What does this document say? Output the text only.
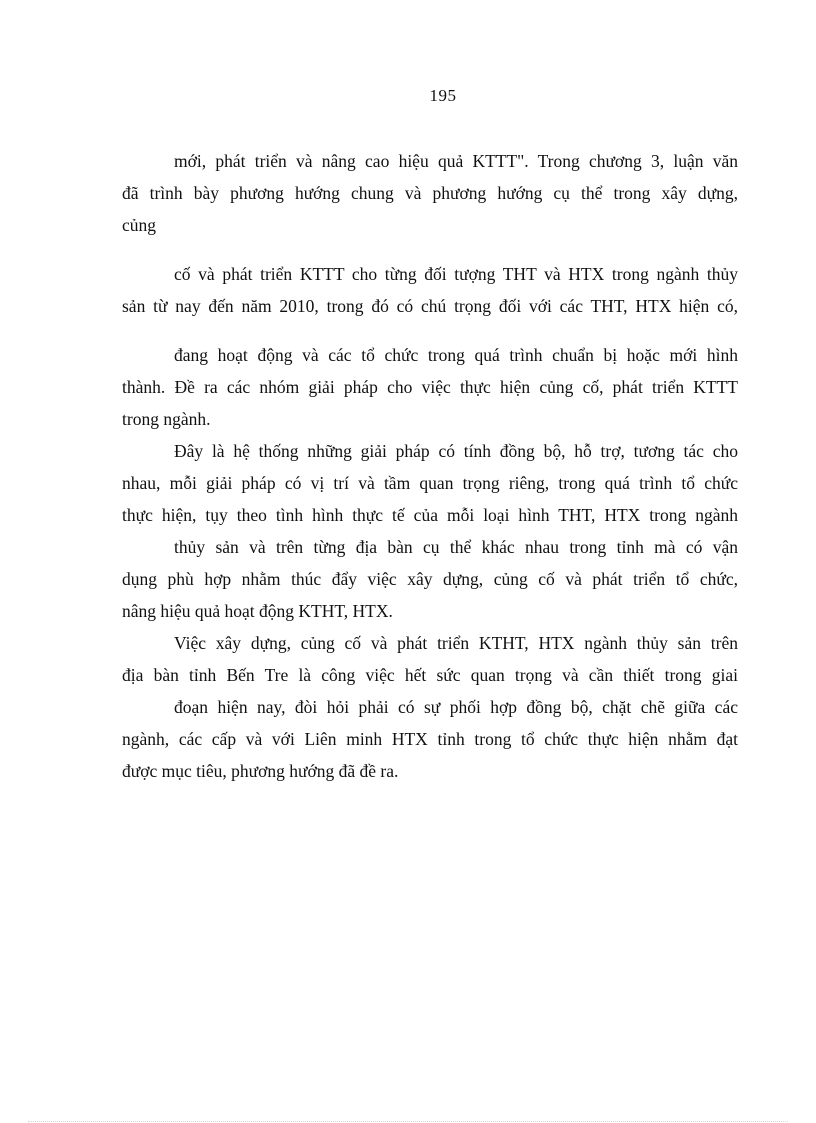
195
mới, phát triển và nâng cao hiệu quả KTTT". Trong chương 3, luận văn
đã trình bày phương hướng chung và phương hướng cụ thể trong xây dựng,
củng
cố và phát triển KTTT cho từng đối tượng THT và HTX trong ngành thủy
sản từ nay đến năm 2010, trong đó có chú trọng đối với các THT, HTX hiện có,
đang hoạt động và các tổ chức trong quá trình chuẩn bị hoặc mới hình
thành. Đề ra các nhóm giải pháp cho việc thực hiện củng cố, phát triển KTTT
trong ngành.
Đây là hệ thống những giải pháp có tính đồng bộ, hỗ trợ, tương tác cho
nhau, mỗi giải pháp có vị trí và tầm quan trọng riêng, trong quá trình tổ chức
thực hiện, tụy theo tình hình thực tế của mỗi loại hình THT, HTX trong ngành
thủy sản và trên từng địa bàn cụ thể khác nhau trong tỉnh mà có vận
dụng phù hợp nhằm thúc đẩy việc xây dựng, củng cố và phát triển tổ chức,
nâng hiệu quả hoạt động KTHT, HTX.
Việc xây dựng, củng cố và phát triển KTHT, HTX ngành thủy sản trên
địa bàn tỉnh Bến Tre là công việc hết sức quan trọng và cần thiết trong giai
đoạn hiện nay, đòi hỏi phải có sự phối hợp đồng bộ, chặt chẽ giữa các
ngành, các cấp và với Liên minh HTX tỉnh trong tổ chức thực hiện nhằm đạt
được mục tiêu, phương hướng đã đề ra.
